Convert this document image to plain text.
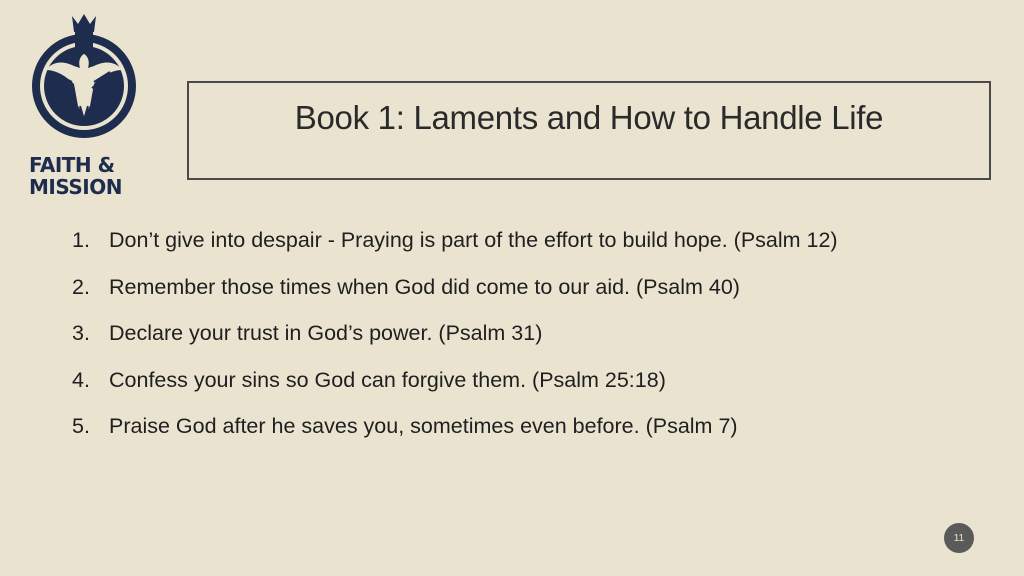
FAITH &
MISSION
Book 1: Laments and How to Handle Life
1. Don’t give into despair - Praying is part of the effort to build hope. (Psalm 12)
2. Remember those times when God did come to our aid. (Psalm 40)
3. Declare your trust in God’s power. (Psalm 31)
4. Confess your sins so God can forgive them. (Psalm 25:18)
5. Praise God after he saves you, sometimes even before. (Psalm 7)
11
